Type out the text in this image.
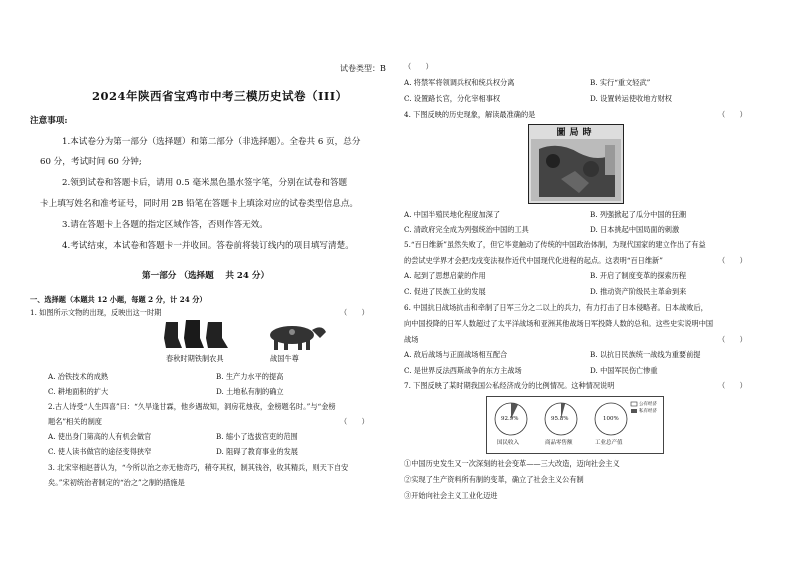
试卷类型：B
2024年陕西省宝鸡市中考三模历史试卷（III）
注意事项:
1.本试卷分为第一部分（选择题）和第二部分（非选择题）。全卷共 6 页，总分
60 分，考试时间 60 分钟;
2.领到试卷和答题卡后，请用 0.5 毫米黑色墨水签字笔，分别在试卷和答题
卡上填写姓名和准考证号，同时用 2B 铅笔在答题卡上填涂对应的试卷类型信息点。
3.请在答题卡上各题的指定区域作答，否则作答无效。
4.考试结束，本试卷和答题卡一并收回。答卷前将装订线内的项目填写清楚。
第一部分 （选择题　 共 24 分）
一、选择题（本题共 12 小题，每题 2 分，计 24 分）
1. 如图所示文物的出现，反映出这一时期	（　　）
春秋时期铁制农具	战国牛尊
A. 冶铁技术的成熟	B. 生产力水平的提高
C. 耕地面积的扩大	D. 土地私有制的确立
2.古人诗受“人生四喜”曰：“久旱逢甘霖，他乡遇故知，洞房花烛夜，金榜题名时。”与“金榜
题名”相关的制度	（　　）
A. 使出身门第高的人有机会做官	B. 缩小了选拔官吏的范围
C. 使人读书做官的途径变得狭窄	D. 阻碍了教育事业的发展
3. 北宋宰相赵普认为，“今所以治之亦无他奇巧，稍夺其权，制其钱谷，收其精兵，则天下自安
矣。”宋初统治者制定的“治之”之制的措施是
（　　）
A. 将禁军将领调兵权和统兵权分离	B. 实行“重文轻武”
C. 设置路长官，分化宰相事权	D. 设置转运使收地方财权
4. 下图反映的历史现象，解读最准确的是	（　　）
圖局時
A. 中国半殖民地化程度加深了	B. 列强掀起了瓜分中国的狂潮
C. 清政府完全成为列强统治中国的工具	D. 日本挑起中国局面的刺激
5.“百日维新”虽然失败了，但它毕竟触动了传统的中国政治体制，为现代国家的建立作出了有益
的尝试史学界才会把戊戌变法视作近代中国现代化进程的起点。这表明“百日维新”	（　　）
A. 起到了思想启蒙的作用	B. 开启了制度变革的探索历程
C. 促进了民族工业的发展	D. 推动资产阶级民主革命到来
6. 中国抗日战场抗击和牵制了日军三分之二以上的兵力，有力打击了日本侵略者。日本战败后，
向中国投降的日军人数超过了太平洋战场和亚洲其他战场日军投降人数的总和。这些史实说明中国
战场	（　　）
A. 敌后战场与正面战场相互配合	B. 以抗日民族统一战线为重要前提
C. 是世界反法西斯战争的东方主战场	D. 中国军民伤亡惨重
7. 下图反映了某时期我国公私经济成分的比例情况。这种情况说明	（　　）
92.9%	95.8%	100%
国民收入	商品零售额	工业总产值
公有经济
私有经济
①中国历史发生又一次深刻的社会变革——三大改造，迈向社会主义
②实现了生产资料所有制的变革，确立了社会主义公有制
③开始向社会主义工业化迈进
